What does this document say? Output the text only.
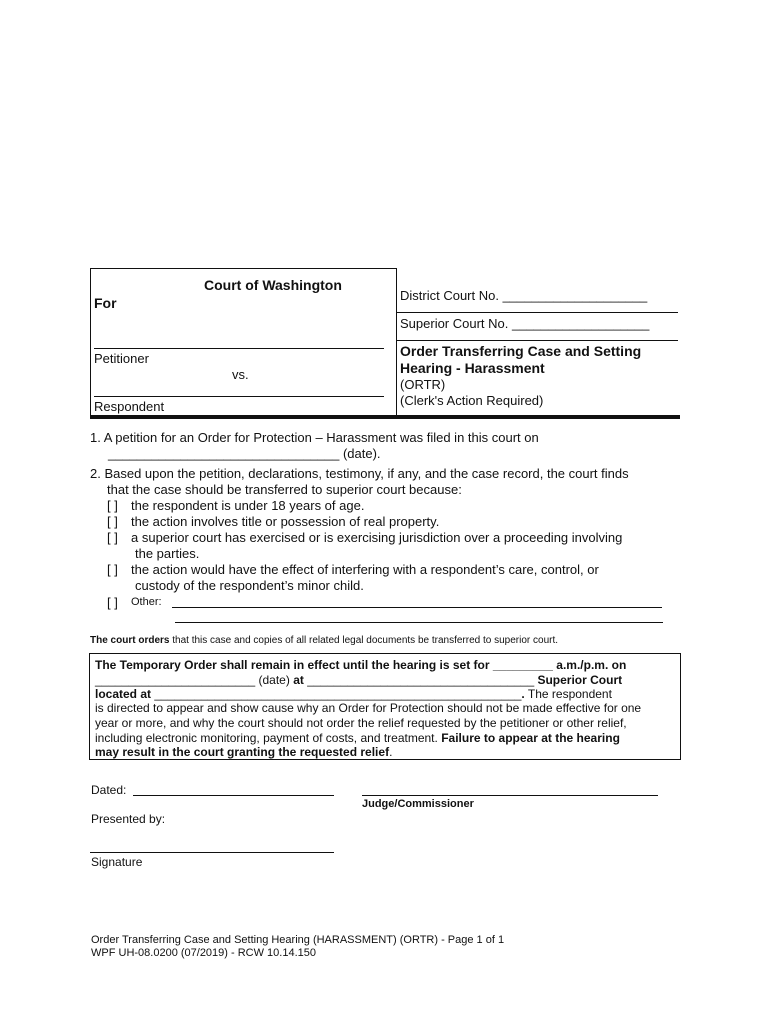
Court of Washington
For
Petitioner
vs.
Respondent
District Court No. ____________________
Superior Court No. ___________________
Order Transferring Case and Setting
Hearing - Harassment
(ORTR)
(Clerk's Action Required)
1. A petition for an Order for Protection – Harassment was filed in this court on
________________________________ (date).
2. Based upon the petition, declarations, testimony, if any, and the case record, the court finds
that the case should be transferred to superior court because:
[ ] the respondent is under 18 years of age.
[ ] the action involves title or possession of real property.
[ ] a superior court has exercised or is exercising jurisdiction over a proceeding involving
the parties.
[ ] the action would have the effect of interfering with a respondent’s care, control, or
custody of the respondent’s minor child.
[ ] Other:
The court orders that this case and copies of all related legal documents be transferred to superior court.
The Temporary Order shall remain in effect until the hearing is set for _________ a.m./p.m. on
________________________ (date) at __________________________________ Superior Court
located at _______________________________________________________. The respondent
is directed to appear and show cause why an Order for Protection should not be made effective for one
year or more, and why the court should not order the relief requested by the petitioner or other relief,
including electronic monitoring, payment of costs, and treatment. Failure to appear at the hearing
may result in the court granting the requested relief.
Dated:
Judge/Commissioner
Presented by:
Signature
Order Transferring Case and Setting Hearing (HARASSMENT) (ORTR) - Page 1 of 1
WPF UH-08.0200 (07/2019) - RCW 10.14.150
